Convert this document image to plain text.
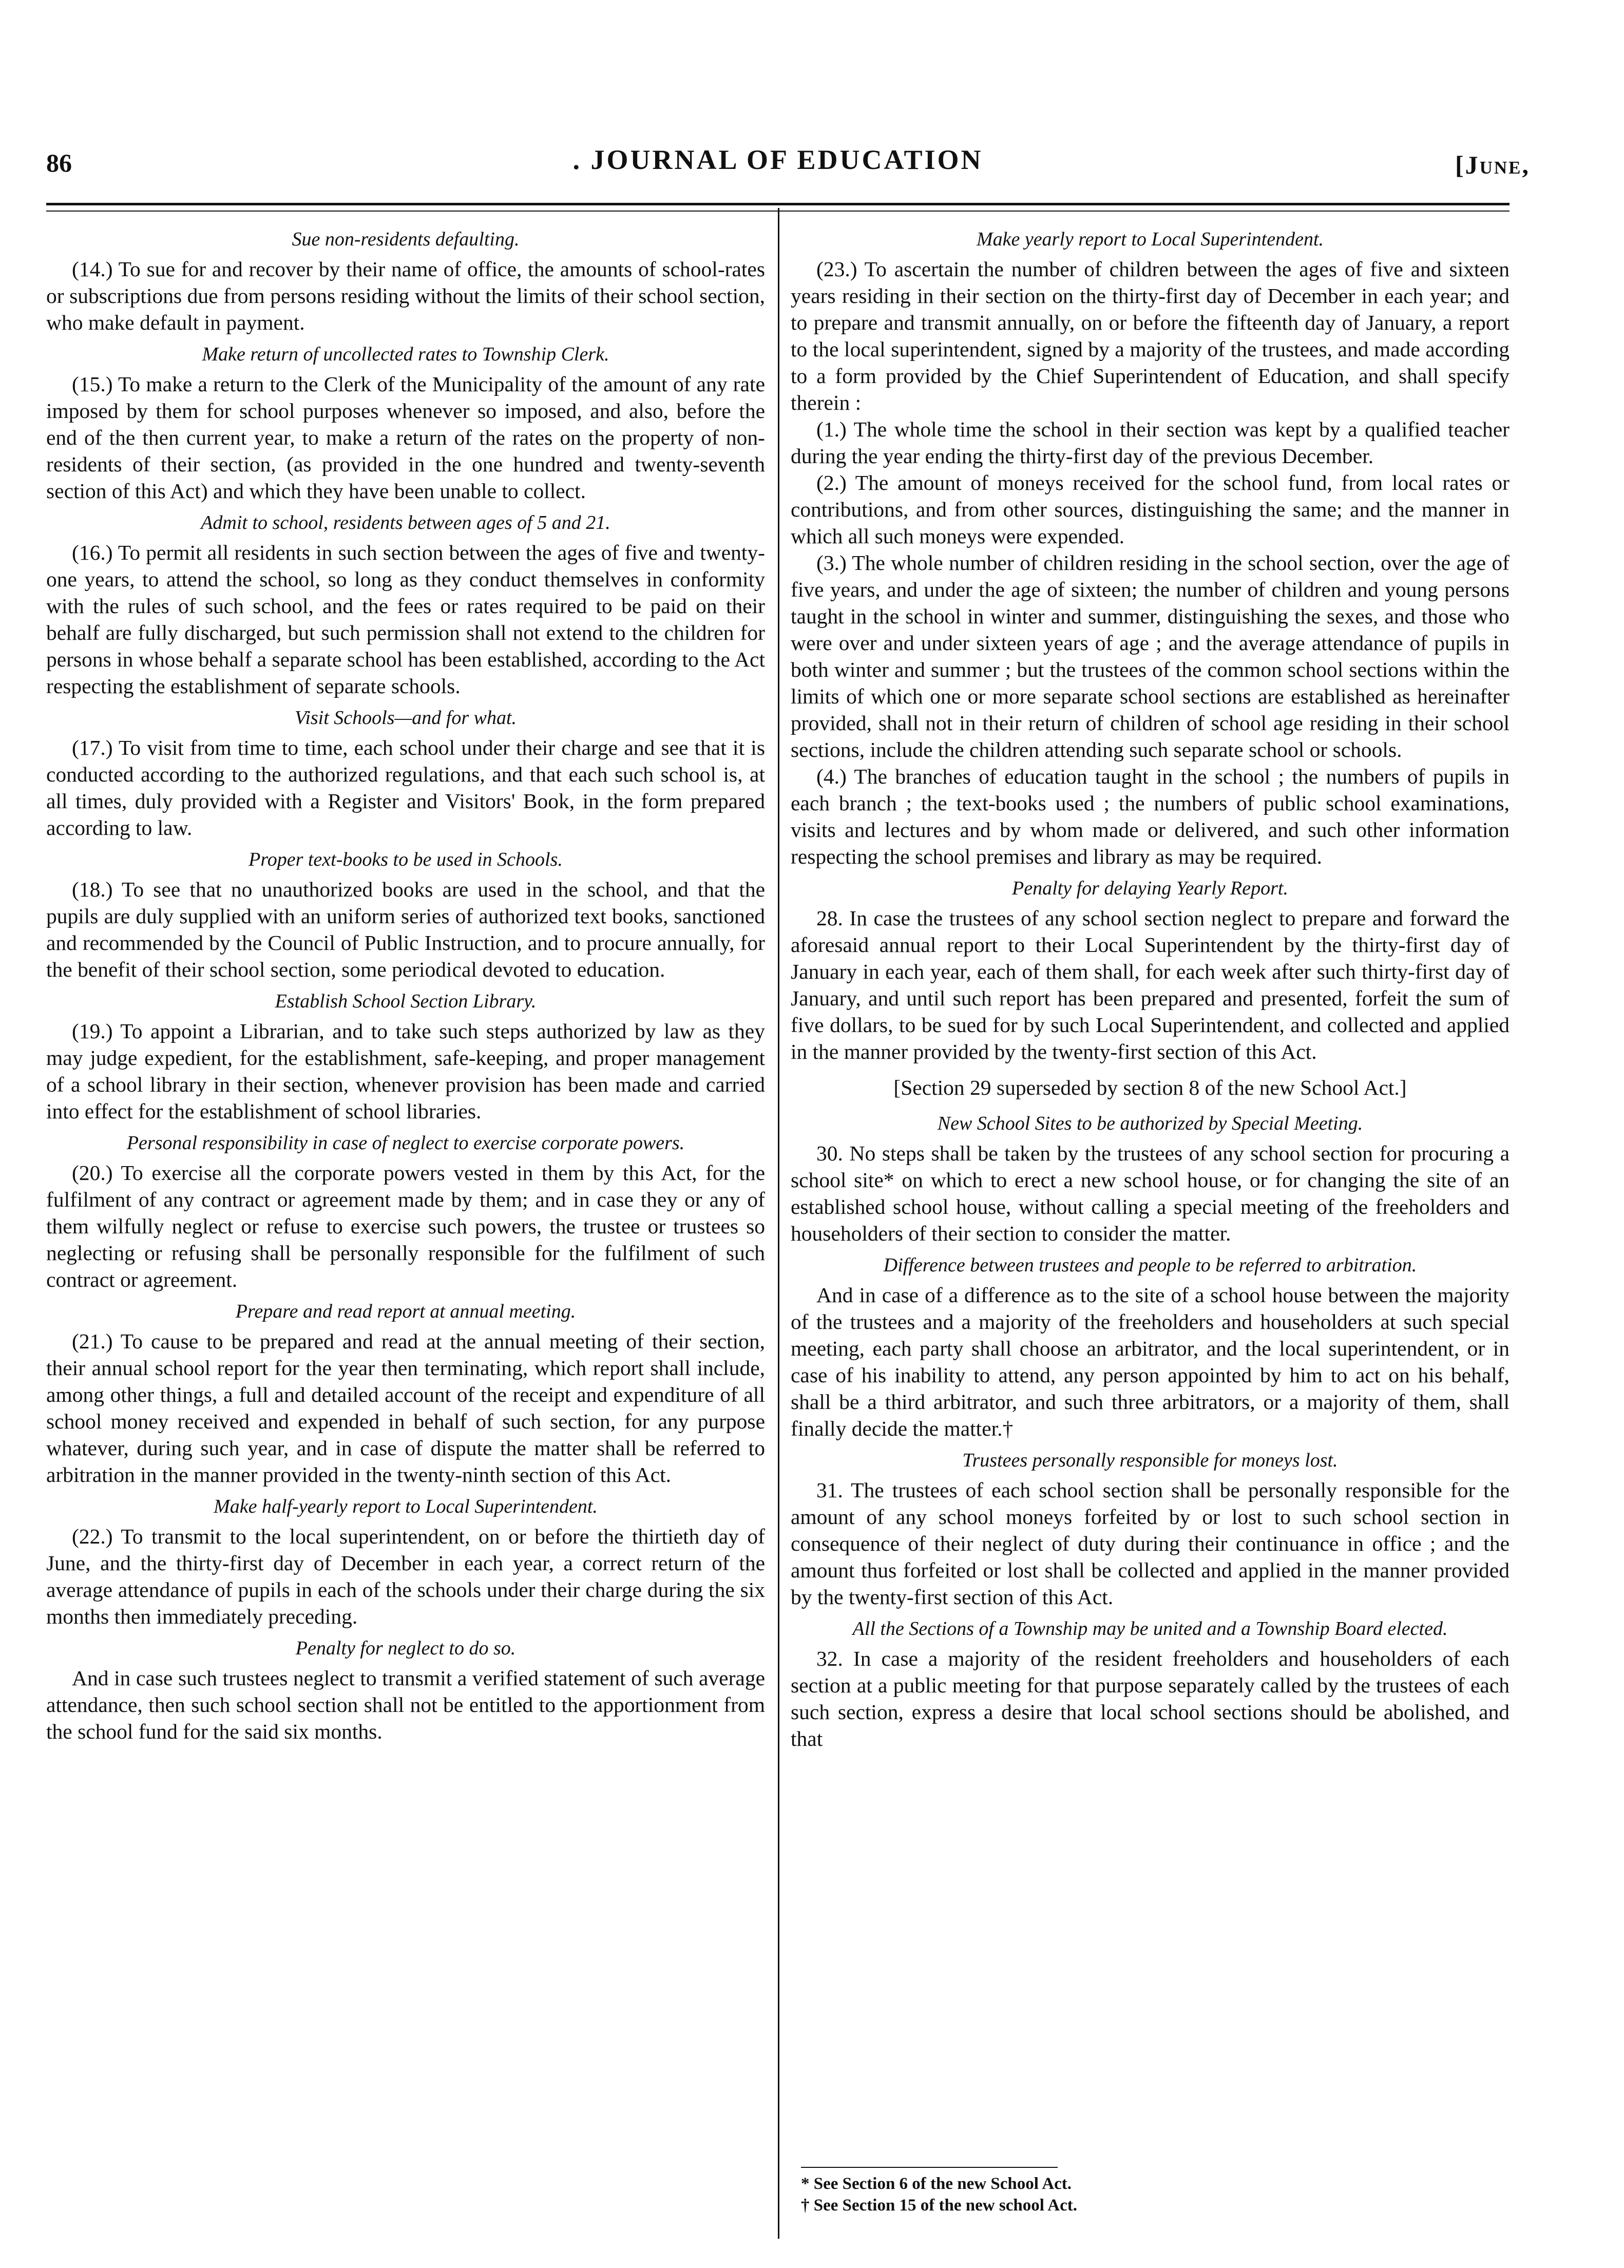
86	. JOURNAL OF EDUCATION	[June,
Sue non-residents defaulting.

(14.) To sue for and recover by their name of office, the amounts of school-rates or subscriptions due from persons residing without the limits of their school section, who make default in payment.

Make return of uncollected rates to Township Clerk.

(15.) To make a return to the Clerk of the Municipality of the amount of any rate imposed by them for school purposes whenever so imposed, and also, before the end of the then current year, to make a return of the rates on the property of non-residents of their section, (as provided in the one hundred and twenty-seventh section of this Act) and which they have been unable to collect.

Admit to school, residents between ages of 5 and 21.

(16.) To permit all residents in such section between the ages of five and twenty-one years, to attend the school, so long as they conduct themselves in conformity with the rules of such school, and the fees or rates required to be paid on their behalf are fully discharged, but such permission shall not extend to the children for persons in whose behalf a separate school has been established, according to the Act respecting the establishment of separate schools.

Visit Schools—and for what.

(17.) To visit from time to time, each school under their charge and see that it is conducted according to the authorized regulations, and that each such school is, at all times, duly provided with a Register and Visitors' Book, in the form prepared according to law.

Proper text-books to be used in Schools.

(18.) To see that no unauthorized books are used in the school, and that the pupils are duly supplied with an uniform series of authorized text books, sanctioned and recommended by the Council of Public Instruction, and to procure annually, for the benefit of their school section, some periodical devoted to education.

Establish School Section Library.

(19.) To appoint a Librarian, and to take such steps authorized by law as they may judge expedient, for the establishment, safe-keeping, and proper management of a school library in their section, whenever provision has been made and carried into effect for the establishment of school libraries.

Personal responsibility in case of neglect to exercise corporate powers.

(20.) To exercise all the corporate powers vested in them by this Act, for the fulfilment of any contract or agreement made by them; and in case they or any of them wilfully neglect or refuse to exercise such powers, the trustee or trustees so neglecting or refusing shall be personally responsible for the fulfilment of such contract or agreement.

Prepare and read report at annual meeting.

(21.) To cause to be prepared and read at the annual meeting of their section, their annual school report for the year then terminating, which report shall include, among other things, a full and detailed account of the receipt and expenditure of all school money received and expended in behalf of such section, for any purpose whatever, during such year, and in case of dispute the matter shall be referred to arbitration in the manner provided in the twenty-ninth section of this Act.

Make half-yearly report to Local Superintendent.

(22.) To transmit to the local superintendent, on or before the thirtieth day of June, and the thirty-first day of December in each year, a correct return of the average attendance of pupils in each of the schools under their charge during the six months then immediately preceding.

Penalty for neglect to do so.

And in case such trustees neglect to transmit a verified statement of such average attendance, then such school section shall not be entitled to the apportionment from the school fund for the said six months.

Make yearly report to Local Superintendent.

(23.) To ascertain the number of children between the ages of five and sixteen years residing in their section on the thirty-first day of December in each year; and to prepare and transmit annually, on or before the fifteenth day of January, a report to the local superintendent, signed by a majority of the trustees, and made according to a form provided by the Chief Superintendent of Education, and shall specify therein :

(1.) The whole time the school in their section was kept by a qualified teacher during the year ending the thirty-first day of the previous December.

(2.) The amount of moneys received for the school fund, from local rates or contributions, and from other sources, distinguishing the same; and the manner in which all such moneys were expended.

(3.) The whole number of children residing in the school section, over the age of five years, and under the age of sixteen; the number of children and young persons taught in the school in winter and summer, distinguishing the sexes, and those who were over and under sixteen years of age ; and the average attendance of pupils in both winter and summer ; but the trustees of the common school sections within the limits of which one or more separate school sections are established as hereinafter provided, shall not in their return of children of school age residing in their school sections, include the children attending such separate school or schools.

(4.) The branches of education taught in the school ; the numbers of pupils in each branch ; the text-books used ; the numbers of public school examinations, visits and lectures and by whom made or delivered, and such other information respecting the school premises and library as may be required.

Penalty for delaying Yearly Report.

28. In case the trustees of any school section neglect to prepare and forward the aforesaid annual report to their Local Superintendent by the thirty-first day of January in each year, each of them shall, for each week after such thirty-first day of January, and until such report has been prepared and presented, forfeit the sum of five dollars, to be sued for by such Local Superintendent, and collected and applied in the manner provided by the twenty-first section of this Act.

[Section 29 superseded by section 8 of the new School Act.]
New School Sites to be authorized by Special Meeting.

30. No steps shall be taken by the trustees of any school section for procuring a school site* on which to erect a new school house, or for changing the site of an established school house, without calling a special meeting of the freeholders and householders of their section to consider the matter.

Difference between trustees and people to be referred to arbitration.

And in case of a difference as to the site of a school house between the majority of the trustees and a majority of the freeholders and householders at such special meeting, each party shall choose an arbitrator, and the local superintendent, or in case of his inability to attend, any person appointed by him to act on his behalf, shall be a third arbitrator, and such three arbitrators, or a majority of them, shall finally decide the matter.†

Trustees personally responsible for moneys lost.

31. The trustees of each school section shall be personally responsible for the amount of any school moneys forfeited by or lost to such school section in consequence of their neglect of duty during their continuance in office ; and the amount thus forfeited or lost shall be collected and applied in the manner provided by the twenty-first section of this Act.

All the Sections of a Township may be united and a Township Board elected.

32. In case a majority of the resident freeholders and householders of each section at a public meeting for that purpose separately called by the trustees of each such section, express a desire that local school sections should be abolished, and that

* See Section 6 of the new School Act.

† See Section 15 of the new school Act.
